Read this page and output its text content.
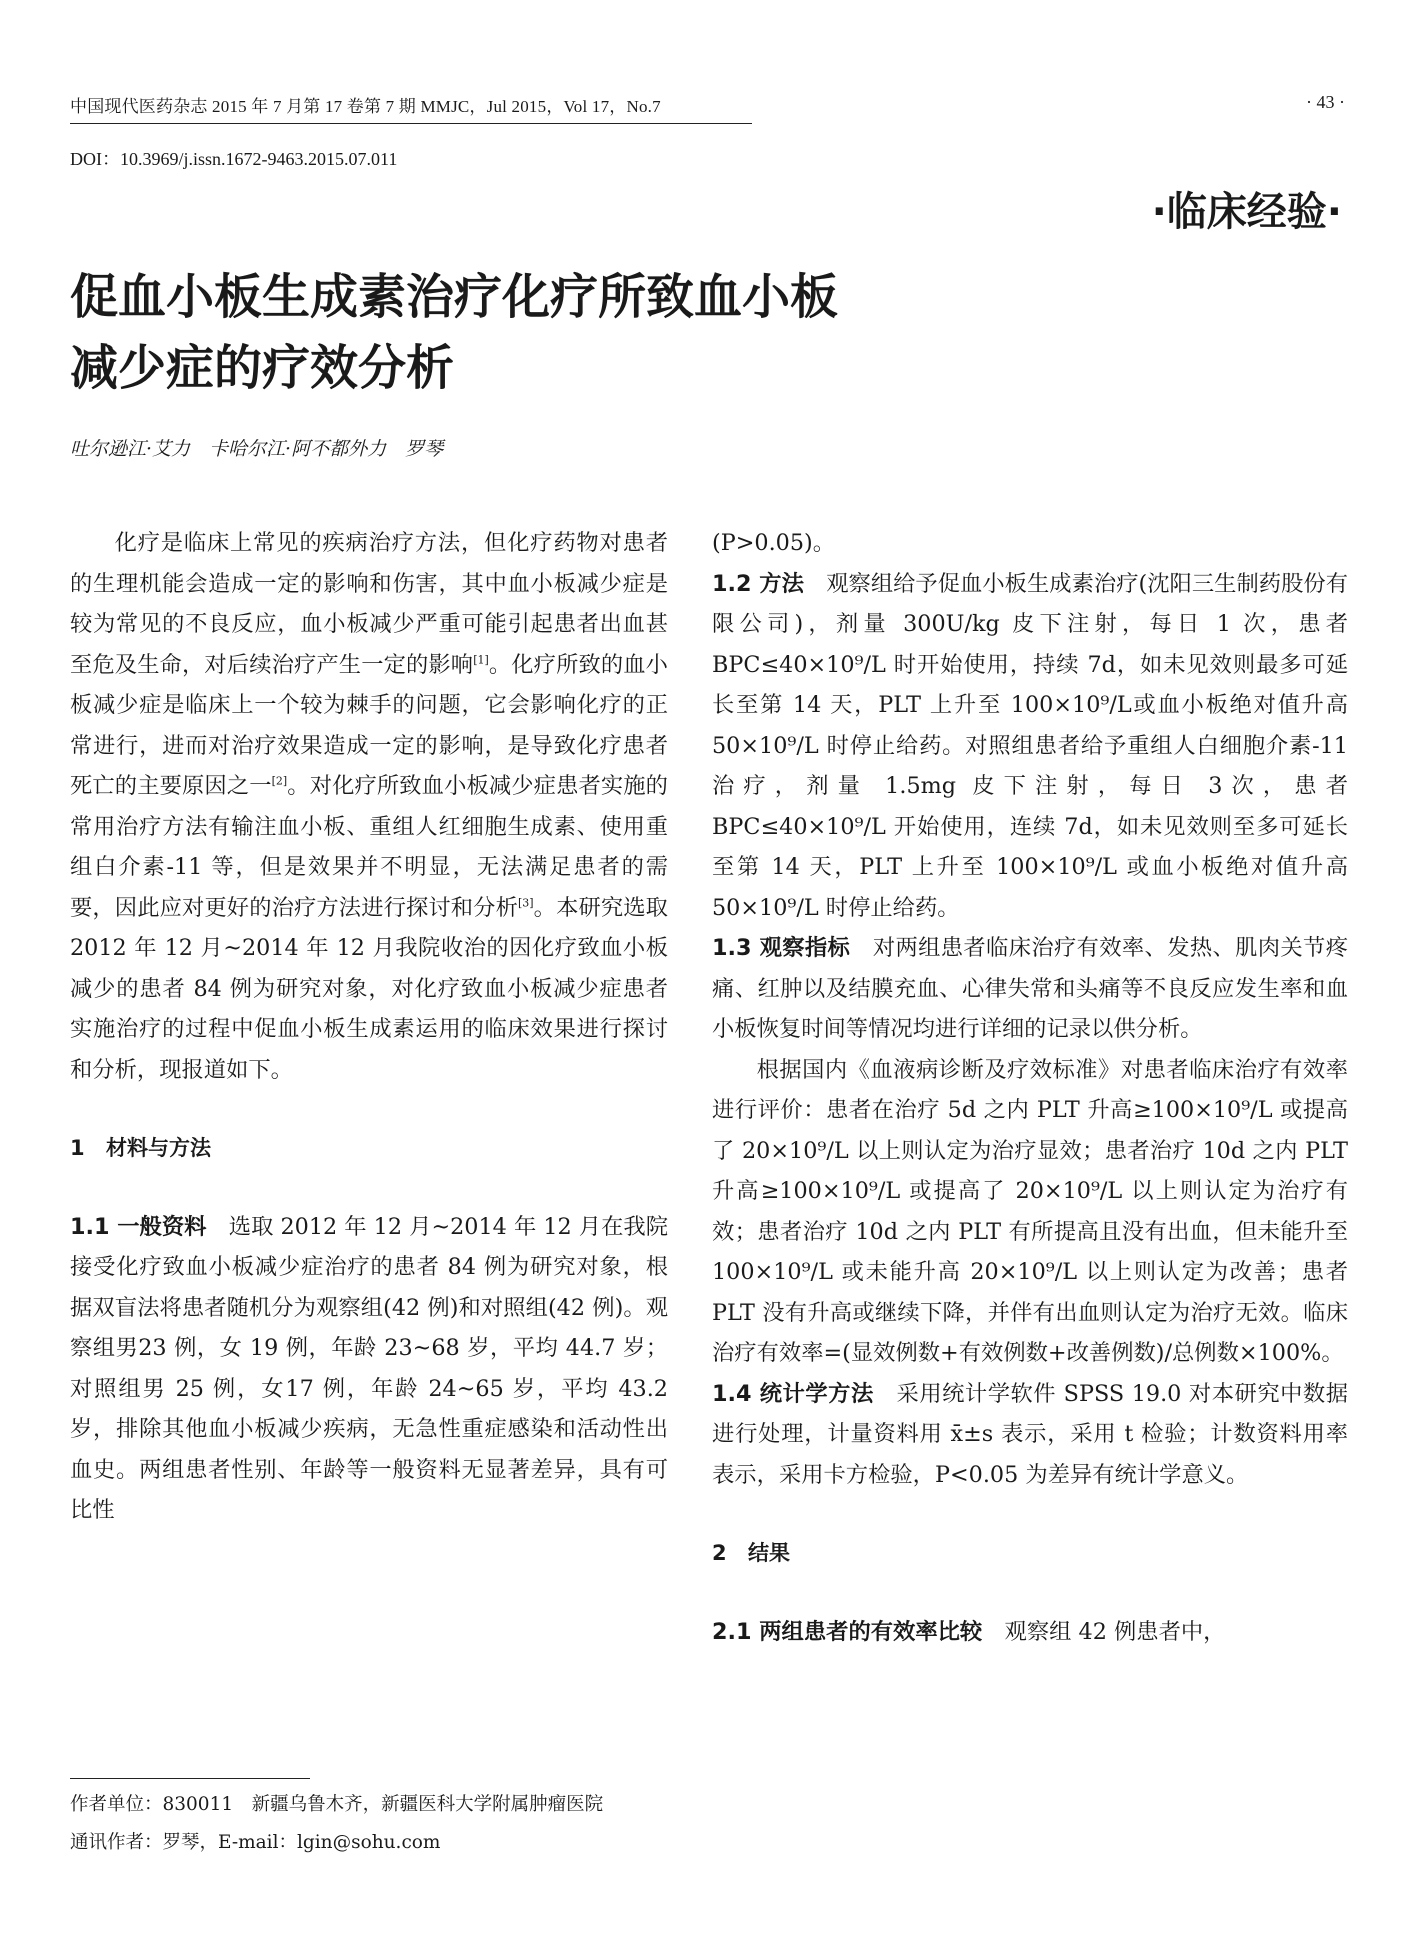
中国现代医药杂志 2015 年 7 月第 17 卷第 7 期 MMJC，Jul 2015，Vol 17，No.7	· 43 ·
DOI：10.3969/j.issn.1672-9463.2015.07.011
·临床经验·
促血小板生成素治疗化疗所致血小板
减少症的疗效分析
吐尔逊江·艾力　卡哈尔江·阿不都外力　罗琴

化疗是临床上常见的疾病治疗方法，但化疗药物对患者的生理机能会造成一定的影响和伤害，其中血小板减少症是较为常见的不良反应，血小板减少严重可能引起患者出血甚至危及生命，对后续治疗产生一定的影响[1]。化疗所致的血小板减少症是临床上一个较为棘手的问题，它会影响化疗的正常进行，进而对治疗效果造成一定的影响，是导致化疗患者死亡的主要原因之一[2]。对化疗所致血小板减少症患者实施的常用治疗方法有输注血小板、重组人红细胞生成素、使用重组白介素-11 等，但是效果并不明显，无法满足患者的需要，因此应对更好的治疗方法进行探讨和分析[3]。本研究选取 2012 年 12 月~2014 年 12 月我院收治的因化疗致血小板减少的患者 84 例为研究对象，对化疗致血小板减少症患者实施治疗的过程中促血小板生成素运用的临床效果进行探讨和分析，现报道如下。

1 材料与方法

1.1 一般资料　选取 2012 年 12 月~2014 年 12 月在我院接受化疗致血小板减少症治疗的患者 84 例为研究对象，根据双盲法将患者随机分为观察组(42 例)和对照组(42 例)。观察组男23 例，女 19 例，年龄 23~68 岁，平均 44.7 岁；对照组男 25 例，女17 例，年龄 24~65 岁，平均 43.2 岁，排除其他血小板减少疾病，无急性重症感染和活动性出血史。两组患者性别、年龄等一般资料无显著差异，具有可比性

(P>0.05)。

1.2 方法　观察组给予促血小板生成素治疗(沈阳三生制药股份有限公司)，剂量 300U/kg 皮下注射，每日 1 次，患者 BPC≤40×10⁹/L 时开始使用，持续 7d，如未见效则最多可延长至第 14 天，PLT 上升至 100×10⁹/L或血小板绝对值升高 50×10⁹/L 时停止给药。对照组患者给予重组人白细胞介素-11 治疗，剂量 1.5mg 皮下注射，每日 3次，患者 BPC≤40×10⁹/L 开始使用，连续 7d，如未见效则至多可延长至第 14 天，PLT 上升至 100×10⁹/L 或血小板绝对值升高 50×10⁹/L 时停止给药。

1.3 观察指标　对两组患者临床治疗有效率、发热、肌肉关节疼痛、红肿以及结膜充血、心律失常和头痛等不良反应发生率和血小板恢复时间等情况均进行详细的记录以供分析。

根据国内《血液病诊断及疗效标准》对患者临床治疗有效率进行评价：患者在治疗 5d 之内 PLT 升高≥100×10⁹/L 或提高了 20×10⁹/L 以上则认定为治疗显效；患者治疗 10d 之内 PLT 升高≥100×10⁹/L 或提高了 20×10⁹/L 以上则认定为治疗有效；患者治疗 10d 之内 PLT 有所提高且没有出血，但未能升至 100×10⁹/L 或未能升高 20×10⁹/L 以上则认定为改善；患者 PLT 没有升高或继续下降，并伴有出血则认定为治疗无效。临床治疗有效率=(显效例数+有效例数+改善例数)/总例数×100%。

1.4 统计学方法　采用统计学软件 SPSS 19.0 对本研究中数据进行处理，计量资料用 x̄±s 表示，采用 t 检验；计数资料用率表示，采用卡方检验，P<0.05 为差异有统计学意义。

2 结果

2.1 两组患者的有效率比较　观察组 42 例患者中，

作者单位：830011　新疆乌鲁木齐，新疆医科大学附属肿瘤医院
通讯作者：罗琴，E-mail：lgin@sohu.com
